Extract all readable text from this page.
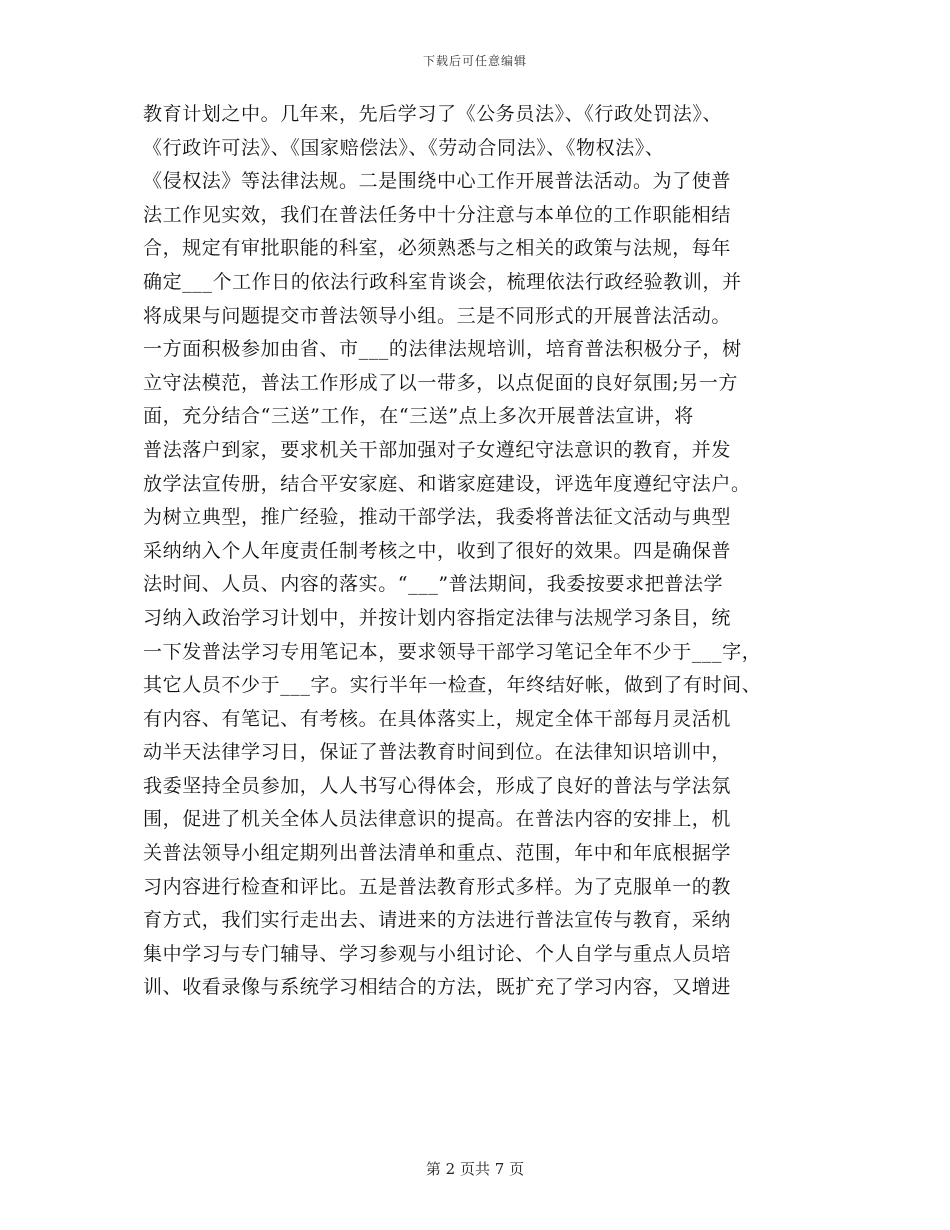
下载后可任意编辑
教育计划之中。几年来，先后学习了《公务员法》、《行政处罚法》、
《行政许可法》、《国家赔偿法》、《劳动合同法》、《物权法》、
《侵权法》等法律法规。二是围绕中心工作开展普法活动。为了使普
法工作见实效，我们在普法任务中十分注意与本单位的工作职能相结
合，规定有审批职能的科室，必须熟悉与之相关的政策与法规，每年
确定___个工作日的依法行政科室肯谈会，梳理依法行政经验教训，并
将成果与问题提交市普法领导小组。三是不同形式的开展普法活动。
一方面积极参加由省、市___的法律法规培训，培育普法积极分子，树
立守法模范，普法工作形成了以一带多，以点促面的良好氛围;另一方
面，充分结合“三送”工作，在“三送”点上多次开展普法宣讲，将
普法落户到家，要求机关干部加强对子女遵纪守法意识的教育，并发
放学法宣传册，结合平安家庭、和谐家庭建设，评选年度遵纪守法户。
为树立典型，推广经验，推动干部学法，我委将普法征文活动与典型
采纳纳入个人年度责任制考核之中，收到了很好的效果。四是确保普
法时间、人员、内容的落实。“___”普法期间，我委按要求把普法学
习纳入政治学习计划中，并按计划内容指定法律与法规学习条目，统
一下发普法学习专用笔记本，要求领导干部学习笔记全年不少于___字，
其它人员不少于___字。实行半年一检查，年终结好帐，做到了有时间、
有内容、有笔记、有考核。在具体落实上，规定全体干部每月灵活机
动半天法律学习日，保证了普法教育时间到位。在法律知识培训中，
我委坚持全员参加，人人书写心得体会，形成了良好的普法与学法氛
围，促进了机关全体人员法律意识的提高。在普法内容的安排上，机
关普法领导小组定期列出普法清单和重点、范围，年中和年底根据学
习内容进行检查和评比。五是普法教育形式多样。为了克服单一的教
育方式，我们实行走出去、请进来的方法进行普法宣传与教育，采纳
集中学习与专门辅导、学习参观与小组讨论、个人自学与重点人员培
训、收看录像与系统学习相结合的方法，既扩充了学习内容，又增进
第 2 页共 7 页
